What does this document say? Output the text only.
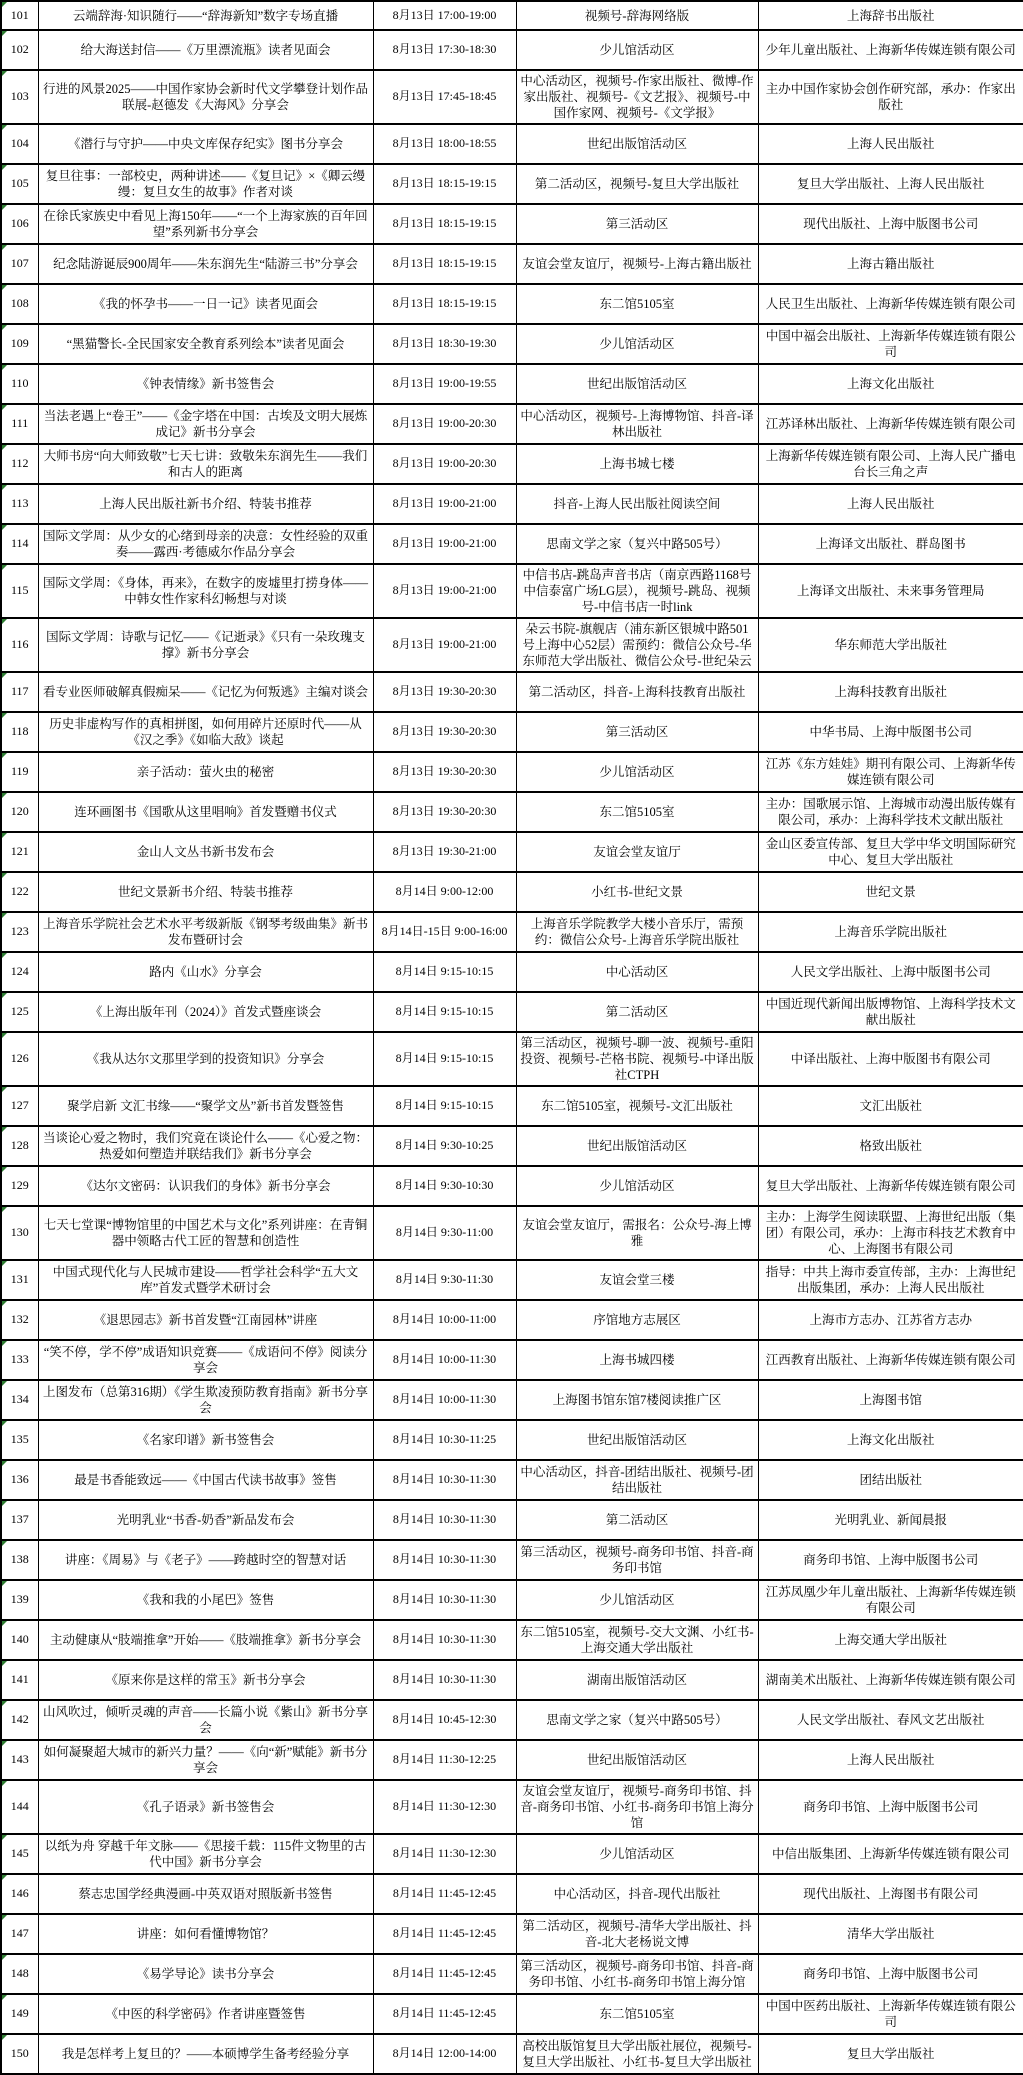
101	云端辞海·知识随行——“辞海新知”数字专场直播	8月13日 17:00-19:00	视频号-辞海网络版	上海辞书出版社

102	给大海送封信——《万里漂流瓶》读者见面会	8月13日 17:30-18:30	少儿馆活动区	少年儿童出版社、上海新华传媒连锁有限公司

103	行进的风景2025——中国作家协会新时代文学攀登计划作品联展-赵德发《大海风》分享会	8月13日 17:45-18:45	中心活动区，视频号-作家出版社、微博-作家出版社、视频号-《文艺报》、视频号-中国作家网、视频号-《文学报》	主办中国作家协会创作研究部，承办：作家出版社

104	《潜行与守护——中央文库保存纪实》图书分享会	8月13日 18:00-18:55	世纪出版馆活动区	上海人民出版社

105	复旦往事：一部校史，两种讲述——《复旦记》×《卿云缦缦：复旦女生的故事》作者对谈	8月13日 18:15-19:15	第二活动区，视频号-复旦大学出版社	复旦大学出版社、上海人民出版社

106	在徐氏家族史中看见上海150年——“一个上海家族的百年回望”系列新书分享会	8月13日 18:15-19:15	第三活动区	现代出版社、上海中版图书公司

107	纪念陆游诞辰900周年——朱东润先生“陆游三书”分享会	8月13日 18:15-19:15	友谊会堂友谊厅，视频号-上海古籍出版社	上海古籍出版社

108	《我的怀孕书——一日一记》读者见面会	8月13日 18:15-19:15	东二馆5105室	人民卫生出版社、上海新华传媒连锁有限公司

109	“黑猫警长-全民国家安全教育系列绘本”读者见面会	8月13日 18:30-19:30	少儿馆活动区	中国中福会出版社、上海新华传媒连锁有限公司

110	《钟表情缘》新书签售会	8月13日 19:00-19:55	世纪出版馆活动区	上海文化出版社

111	当法老遇上“卷王”——《金字塔在中国：古埃及文明大展炼成记》新书分享会	8月13日 19:00-20:30	中心活动区，视频号-上海博物馆、抖音-译林出版社	江苏译林出版社、上海新华传媒连锁有限公司

112	大师书房“向大师致敬”七天七讲：致敬朱东润先生——我们和古人的距离	8月13日 19:00-20:30	上海书城七楼	上海新华传媒连锁有限公司、上海人民广播电台长三角之声

113	上海人民出版社新书介绍、特装书推荐	8月13日 19:00-21:00	抖音-上海人民出版社阅读空间	上海人民出版社

114	国际文学周：从少女的心绪到母亲的决意：女性经验的双重奏——露西·考德威尔作品分享会	8月13日 19:00-21:00	思南文学之家（复兴中路505号）	上海译文出版社、群岛图书

115	国际文学周：《身体，再来》，在数字的废墟里打捞身体——中韩女性作家科幻畅想与对谈	8月13日 19:00-21:00	中信书店-跳岛声音书店（南京西路1168号中信泰富广场LG层），视频号-跳岛、视频号-中信书店一时link	上海译文出版社、未来事务管理局

116	国际文学周：诗歌与记忆——《记逝录》《只有一朵玫瑰支撑》新书分享会	8月13日 19:00-21:00	朵云书院-旗舰店（浦东新区银城中路501号上海中心52层）需预约：微信公众号-华东师范大学出版社、微信公众号-世纪朵云	华东师范大学出版社

117	看专业医师破解真假痴呆——《记忆为何叛逃》主编对谈会	8月13日 19:30-20:30	第二活动区，抖音-上海科技教育出版社	上海科技教育出版社

118	历史非虚构写作的真相拼图，如何用碎片还原时代——从《汉之季》《如临大敌》谈起	8月13日 19:30-20:30	第三活动区	中华书局、上海中版图书公司

119	亲子活动：萤火虫的秘密	8月13日 19:30-20:30	少儿馆活动区	江苏《东方娃娃》期刊有限公司、上海新华传媒连锁有限公司

120	连环画图书《国歌从这里唱响》首发暨赠书仪式	8月13日 19:30-20:30	东二馆5105室	主办：国歌展示馆、上海城市动漫出版传媒有限公司，承办：上海科学技术文献出版社

121	金山人文丛书新书发布会	8月13日 19:30-21:00	友谊会堂友谊厅	金山区委宣传部、复旦大学中华文明国际研究中心、复旦大学出版社

122	世纪文景新书介绍、特装书推荐	8月14日 9:00-12:00	小红书-世纪文景	世纪文景

123	上海音乐学院社会艺术水平考级新版《钢琴考级曲集》新书发布暨研讨会	8月14日-15日 9:00-16:00	上海音乐学院教学大楼小音乐厅，需预约：微信公众号-上海音乐学院出版社	上海音乐学院出版社

124	路内《山水》分享会	8月14日 9:15-10:15	中心活动区	人民文学出版社、上海中版图书公司

125	《上海出版年刊（2024）》首发式暨座谈会	8月14日 9:15-10:15	第二活动区	中国近现代新闻出版博物馆、上海科学技术文献出版社

126	《我从达尔文那里学到的投资知识》分享会	8月14日 9:15-10:15	第三活动区，视频号-聊一波、视频号-重阳投资、视频号-芒格书院、视频号-中译出版社CTPH	中译出版社、上海中版图书有限公司

127	聚学启新 文汇书缘——“聚学文丛”新书首发暨签售	8月14日 9:15-10:15	东二馆5105室，视频号-文汇出版社	文汇出版社

128	当谈论心爱之物时，我们究竟在谈论什么——《心爱之物：热爱如何塑造并联结我们》新书分享会	8月14日 9:30-10:25	世纪出版馆活动区	格致出版社

129	《达尔文密码：认识我们的身体》新书分享会	8月14日 9:30-10:30	少儿馆活动区	复旦大学出版社、上海新华传媒连锁有限公司

130	七天七堂课“博物馆里的中国艺术与文化”系列讲座：在青铜器中领略古代工匠的智慧和创造性	8月14日 9:30-11:00	友谊会堂友谊厅，需报名：公众号-海上博雅	主办：上海学生阅读联盟、上海世纪出版（集团）有限公司，承办：上海市科技艺术教育中心、上海图书有限公司

131	中国式现代化与人民城市建设——哲学社会科学“五大文库”首发式暨学术研讨会	8月14日 9:30-11:30	友谊会堂三楼	指导：中共上海市委宣传部，主办：上海世纪出版集团，承办：上海人民出版社

132	《退思园志》新书首发暨“江南园林”讲座	8月14日 10:00-11:00	序馆地方志展区	上海市方志办、江苏省方志办

133	“笑不停，学不停”成语知识竞赛——《成语问不停》阅读分享会	8月14日 10:00-11:30	上海书城四楼	江西教育出版社、上海新华传媒连锁有限公司

134	上图发布（总第316期）《学生欺凌预防教育指南》新书分享会	8月14日 10:00-11:30	上海图书馆东馆7楼阅读推广区	上海图书馆

135	《名家印谱》新书签售会	8月14日 10:30-11:25	世纪出版馆活动区	上海文化出版社

136	最是书香能致远——《中国古代读书故事》签售	8月14日 10:30-11:30	中心活动区，抖音-团结出版社、视频号-团结出版社	团结出版社

137	光明乳业“书香-奶香”新品发布会	8月14日 10:30-11:30	第二活动区	光明乳业、新闻晨报

138	讲座：《周易》与《老子》——跨越时空的智慧对话	8月14日 10:30-11:30	第三活动区，视频号-商务印书馆、抖音-商务印书馆	商务印书馆、上海中版图书公司

139	《我和我的小尾巴》签售	8月14日 10:30-11:30	少儿馆活动区	江苏凤凰少年儿童出版社、上海新华传媒连锁有限公司

140	主动健康从“肢端推拿”开始——《肢端推拿》新书分享会	8月14日 10:30-11:30	东二馆5105室，视频号-交大文渊、小红书-上海交通大学出版社	上海交通大学出版社

141	《原来你是这样的常玉》新书分享会	8月14日 10:30-11:30	湖南出版馆活动区	湖南美术出版社、上海新华传媒连锁有限公司

142	山风吹过，倾听灵魂的声音——长篇小说《紫山》新书分享会	8月14日 10:45-12:30	思南文学之家（复兴中路505号）	人民文学出版社、春风文艺出版社

143	如何凝聚超大城市的新兴力量？——《向“新”赋能》新书分享会	8月14日 11:30-12:25	世纪出版馆活动区	上海人民出版社

144	《孔子语录》新书签售会	8月14日 11:30-12:30	友谊会堂友谊厅，视频号-商务印书馆、抖音-商务印书馆、小红书-商务印书馆上海分馆	商务印书馆、上海中版图书公司

145	以纸为舟 穿越千年文脉——《思接千载：115件文物里的古代中国》新书分享会	8月14日 11:30-12:30	少儿馆活动区	中信出版集团、上海新华传媒连锁有限公司

146	蔡志忠国学经典漫画-中英双语对照版新书签售	8月14日 11:45-12:45	中心活动区，抖音-现代出版社	现代出版社、上海图书有限公司

147	讲座：如何看懂博物馆？	8月14日 11:45-12:45	第二活动区，视频号-清华大学出版社、抖音-北大老杨说文博	清华大学出版社

148	《易学导论》读书分享会	8月14日 11:45-12:45	第三活动区，视频号-商务印书馆、抖音-商务印书馆、小红书-商务印书馆上海分馆	商务印书馆、上海中版图书公司

149	《中医的科学密码》作者讲座暨签售	8月14日 11:45-12:45	东二馆5105室	中国中医药出版社、上海新华传媒连锁有限公司

150	我是怎样考上复旦的？——本硕博学生备考经验分享	8月14日 12:00-14:00	高校出版馆复旦大学出版社展位，视频号-复旦大学出版社、小红书-复旦大学出版社	复旦大学出版社
